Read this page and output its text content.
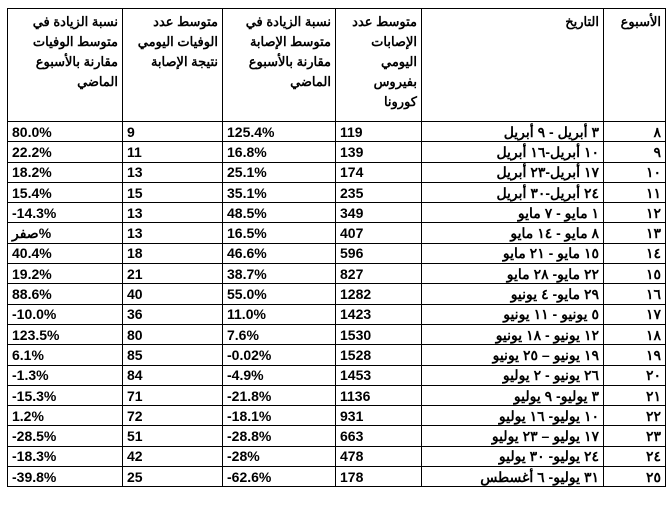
الأسبوع	التاريخ	متوسط عدد الإصابات اليومي بفيروس كورونا	نسبة الزيادة في متوسط الإصابة مقارنة بالأسبوع الماضي	متوسط عدد الوفيات اليومي نتيجة الإصابة	نسبة الزيادة في متوسط الوفيات مقارنة بالأسبوع الماضي
٨	٣ أبريل - ٩ أبريل	119	125.4%	9	80.0%
٩	١٠ أبريل-١٦ أبريل	139	16.8%	11	22.2%
١٠	١٧ أبريل-٢٣ أبريل	174	25.1%	13	18.2%
١١	٢٤ أبريل-٣٠ أبريل	235	35.1%	15	15.4%
١٢	١ مايو - ٧ مايو	349	48.5%	13	-14.3%
١٣	٨ مايو - ١٤ مايو	407	16.5%	13	صفر%
١٤	١٥ مايو - ٢١ مايو	596	46.6%	18	40.4%
١٥	٢٢ مايو- ٢٨ مايو	827	38.7%	21	19.2%
١٦	٢٩ مايو- ٤ يونيو	1282	55.0%	40	88.6%
١٧	٥ يونيو - ١١ يونيو	1423	11.0%	36	-10.0%
١٨	١٢ يونيو - ١٨ يونيو	1530	7.6%	80	123.5%
١٩	١٩ يونيو – ٢٥ يونيو	1528	-0.02%	85	6.1%
٢٠	٢٦ يونيو - ٢ يوليو	1453	-4.9%	84	-1.3%
٢١	٣ يوليو- ٩ يوليو	1136	-21.8%	71	-15.3%
٢٢	١٠ يوليو- ١٦ يوليو	931	-18.1%	72	1.2%
٢٣	١٧ يوليو – ٢٣ يوليو	663	-28.8%	51	-28.5%
٢٤	٢٤ يوليو- ٣٠ يوليو	478	-28%	42	-18.3%
٢٥	٣١ يوليو- ٦ أغسطس	178	-62.6%	25	-39.8%
